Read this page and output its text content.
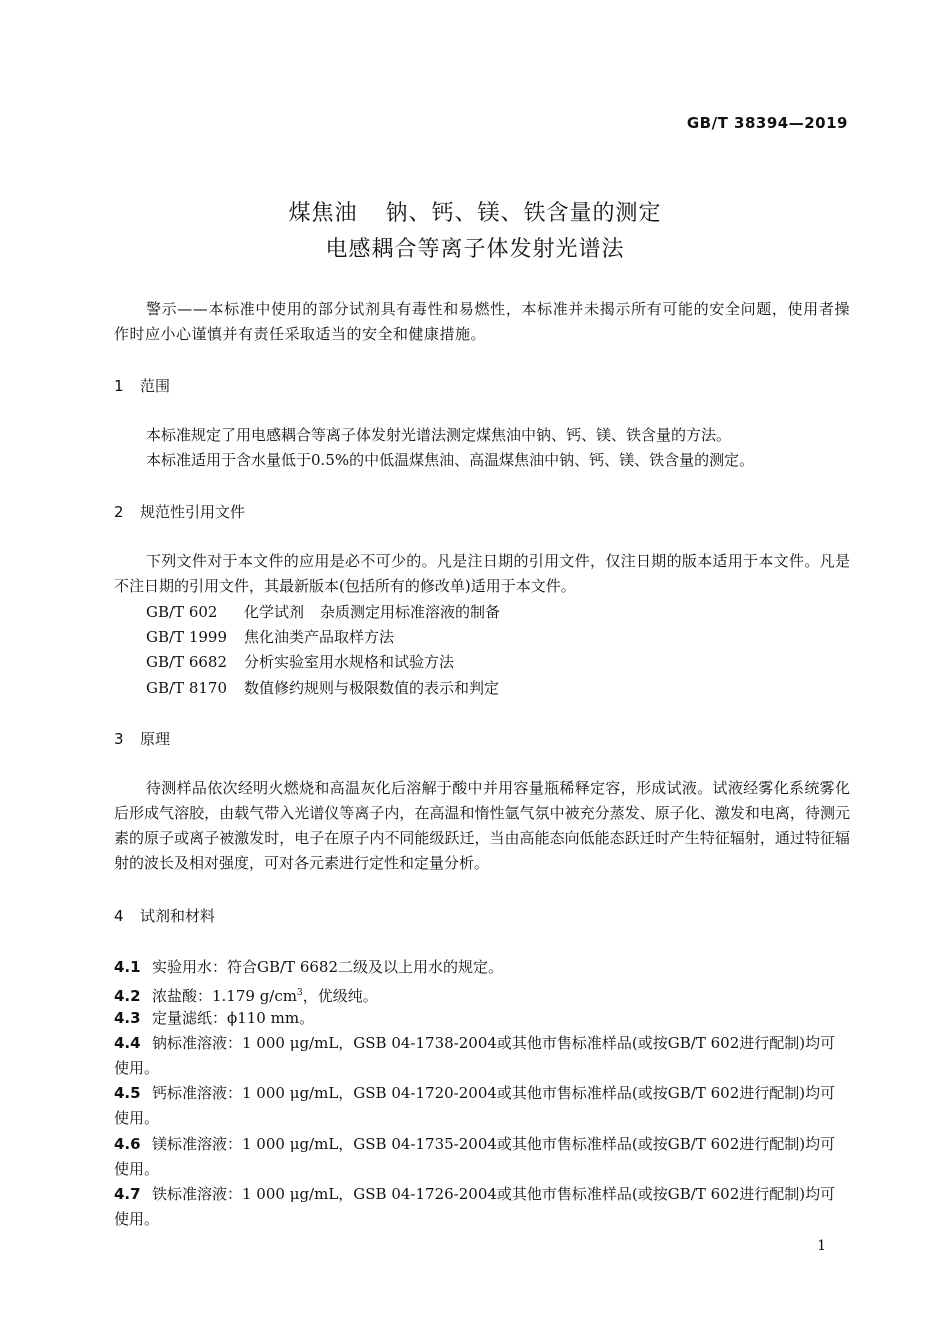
GB/T 38394—2019
煤焦油 钠、钙、镁、铁含量的测定
电感耦合等离子体发射光谱法
警示——本标准中使用的部分试剂具有毒性和易燃性，本标准并未揭示所有可能的安全问题，使用者操作时应小心谨慎并有责任采取适当的安全和健康措施。
1 范围
本标准规定了用电感耦合等离子体发射光谱法测定煤焦油中钠、钙、镁、铁含量的方法。
本标准适用于含水量低于0.5%的中低温煤焦油、高温煤焦油中钠、钙、镁、铁含量的测定。
2 规范性引用文件
下列文件对于本文件的应用是必不可少的。凡是注日期的引用文件，仅注日期的版本适用于本文件。凡是不注日期的引用文件，其最新版本(包括所有的修改单)适用于本文件。
GB/T 602 化学试剂 杂质测定用标准溶液的制备
GB/T 1999 焦化油类产品取样方法
GB/T 6682 分析实验室用水规格和试验方法
GB/T 8170 数值修约规则与极限数值的表示和判定
3 原理
待测样品依次经明火燃烧和高温灰化后溶解于酸中并用容量瓶稀释定容，形成试液。试液经雾化系统雾化后形成气溶胶，由载气带入光谱仪等离子内，在高温和惰性氩气氛中被充分蒸发、原子化、激发和电离，待测元素的原子或离子被激发时，电子在原子内不同能级跃迁，当由高能态向低能态跃迁时产生特征辐射，通过特征辐射的波长及相对强度，可对各元素进行定性和定量分析。
4 试剂和材料
4.1 实验用水：符合GB/T 6682二级及以上用水的规定。
4.2 浓盐酸：1.179 $g/cm^3$，优级纯。
4.3 定量滤纸：ϕ110 mm。
4.4 钠标准溶液：1 000 μg/mL，GSB 04-1738-2004或其他市售标准样品(或按GB/T 602进行配制)均可使用。
4.5 钙标准溶液：1 000 μg/mL，GSB 04-1720-2004或其他市售标准样品(或按GB/T 602进行配制)均可使用。
4.6 镁标准溶液：1 000 μg/mL，GSB 04-1735-2004或其他市售标准样品(或按GB/T 602进行配制)均可使用。
4.7 铁标准溶液：1 000 μg/mL，GSB 04-1726-2004或其他市售标准样品(或按GB/T 602进行配制)均可使用。
1
